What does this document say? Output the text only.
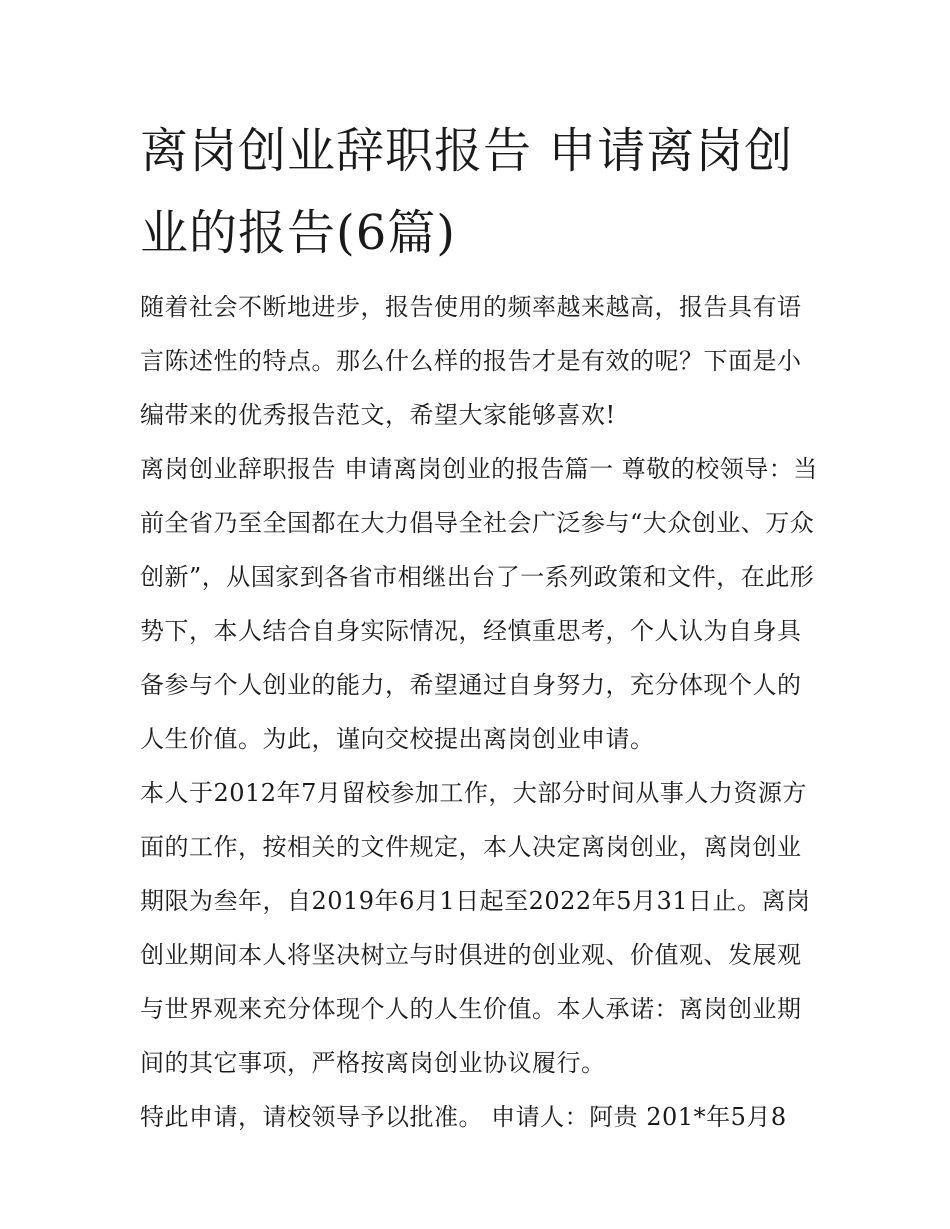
离岗创业辞职报告 申请离岗创业的报告(6篇)

随着社会不断地进步，报告使用的频率越来越高，报告具有语言陈述性的特点。那么什么样的报告才是有效的呢？下面是小编带来的优秀报告范文，希望大家能够喜欢!

离岗创业辞职报告 申请离岗创业的报告篇一 尊敬的校领导：当前全省乃至全国都在大力倡导全社会广泛参与“大众创业、万众创新”，从国家到各省市相继出台了一系列政策和文件，在此形势下，本人结合自身实际情况，经慎重思考，个人认为自身具备参与个人创业的能力，希望通过自身努力，充分体现个人的人生价值。为此，谨向交校提出离岗创业申请。

本人于2012年7月留校参加工作，大部分时间从事人力资源方面的工作，按相关的文件规定，本人决定离岗创业，离岗创业期限为叁年，自2019年6月1日起至2022年5月31日止。离岗创业期间本人将坚决树立与时俱进的创业观、价值观、发展观与世界观来充分体现个人的人生价值。本人承诺：离岗创业期间的其它事项，严格按离岗创业协议履行。

特此申请，请校领导予以批准。 申请人：阿贵 201*年5月8
